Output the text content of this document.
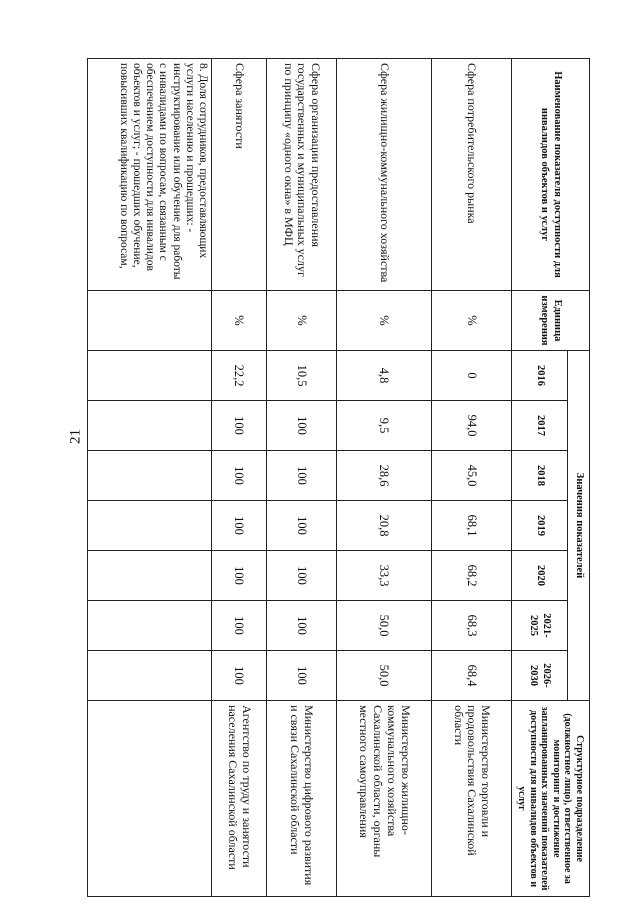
21
Наименование показателя доступности для инвалидов объектов и услуг	Единица измерения	Значения показателей							Структурное подразделение (должностное лицо), ответственное за мониторинг и достижение запланированных значений показателей доступности для инвалидов объектов и услуг
		2016	2017	2018	2019	2020	2021-2025	2026-2030	
Сфера потребительского рынка	%	0	94,0	45,0	68,1	68,2	68,3	68,4	Министерство торговли и продовольствия Сахалинской области
Сфера жилищно-коммунального хозяйства	%	4,8	9,5	28,6	20,8	33,3	50,0	50,0	Министерство жилищно-коммунального хозяйства Сахалинской области, органы местного самоуправления
Сфера организации предоставления государственных и муниципальных услуг по принципу «одного окна» в МФЦ	%	10,5	100	100	100	100	100	100	Министерство цифрового развития и связи Сахалинской области
Сфера занятости	%	22,2	100	100	100	100	100	100	Агентство по труду и занятости населения Сахалинской области
8. Доля сотрудников, предоставляющих услуги населению и прошедших: - инструктирование или обучение для работы с инвалидами по вопросам, связанным с обеспечением доступности для инвалидов объектов и услуг; - прошедших обучение, повысивших квалификацию по вопросам,									
